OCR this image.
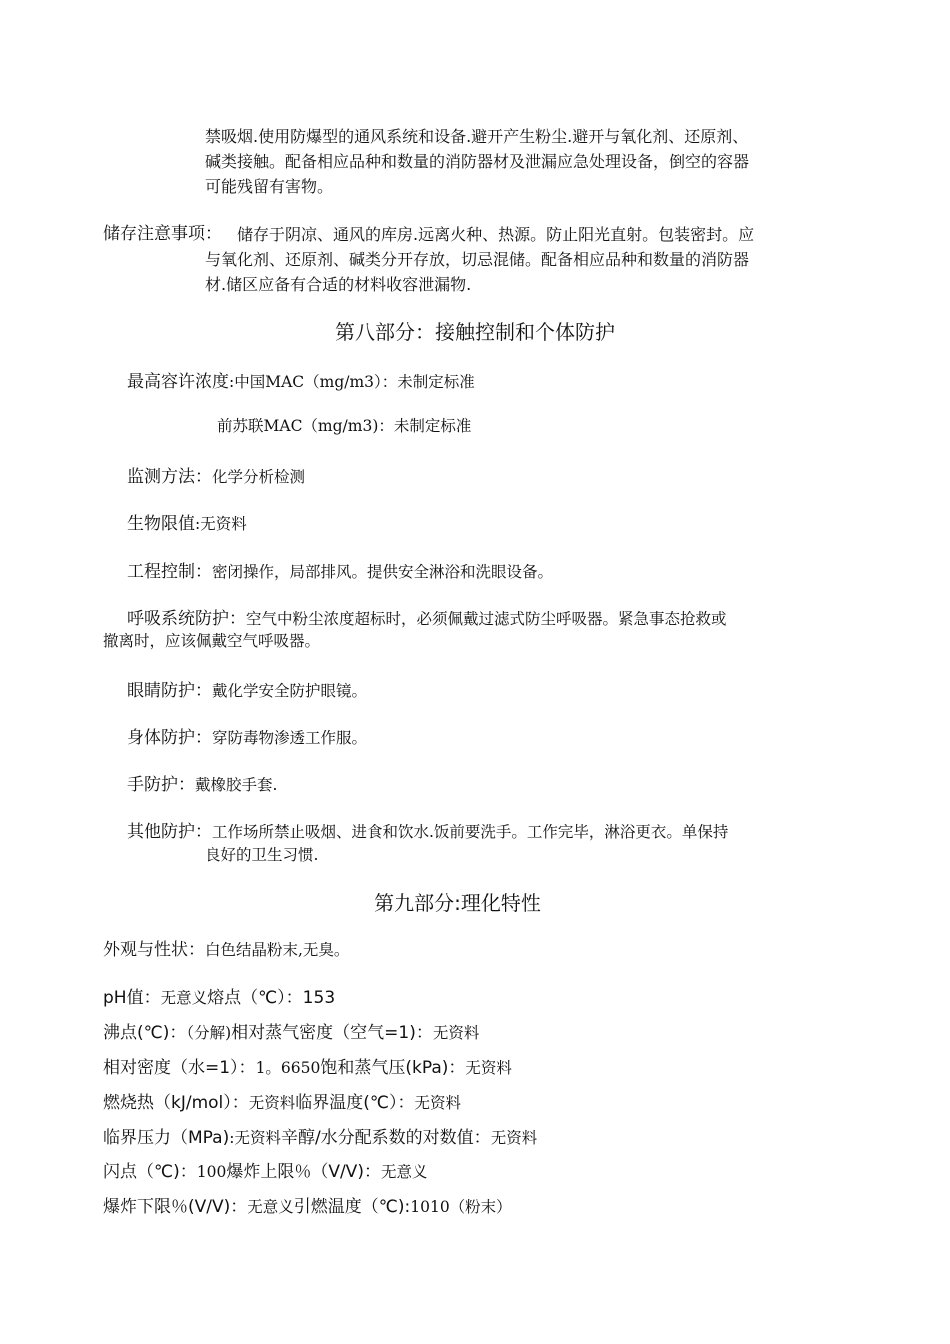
禁吸烟.使用防爆型的通风系统和设备.避开产生粉尘.避开与氧化剂、还原剂、
碱类接触。配备相应品种和数量的消防器材及泄漏应急处理设备，倒空的容器
可能残留有害物。
储存注意事项： 储存于阴凉、通风的库房.远离火种、热源。防止阳光直射。包装密封。应
与氧化剂、还原剂、碱类分开存放，切忌混储。配备相应品种和数量的消防器
材.储区应备有合适的材料收容泄漏物.
第八部分：接触控制和个体防护
最高容许浓度:中国MAC（mg/m3）：未制定标准
前苏联MAC（mg/m3)：未制定标准
监测方法：化学分析检测
生物限值:无资料
工程控制：密闭操作，局部排风。提供安全淋浴和洗眼设备。
呼吸系统防护：空气中粉尘浓度超标时，必须佩戴过滤式防尘呼吸器。紧急事态抢救或
撤离时，应该佩戴空气呼吸器。
眼睛防护：戴化学安全防护眼镜。
身体防护：穿防毒物渗透工作服。
手防护：戴橡胶手套.
其他防护：工作场所禁止吸烟、进食和饮水.饭前要洗手。工作完毕，淋浴更衣。单保持
良好的卫生习惯.
第九部分:理化特性
外观与性状：白色结晶粉末,无臭。
pH值：无意义熔点（℃）：153
沸点(℃)：（分解)相对蒸气密度（空气=1)：无资料
相对密度（水=1）：1。6650饱和蒸气压(kPa)：无资料
燃烧热（kJ/mol）：无资料临界温度(℃）：无资料
临界压力（MPa):无资料辛醇/水分配系数的对数值：无资料
闪点（℃)：100爆炸上限％（V/V)：无意义
爆炸下限％(V/V)：无意义引燃温度（℃):1010（粉末）
